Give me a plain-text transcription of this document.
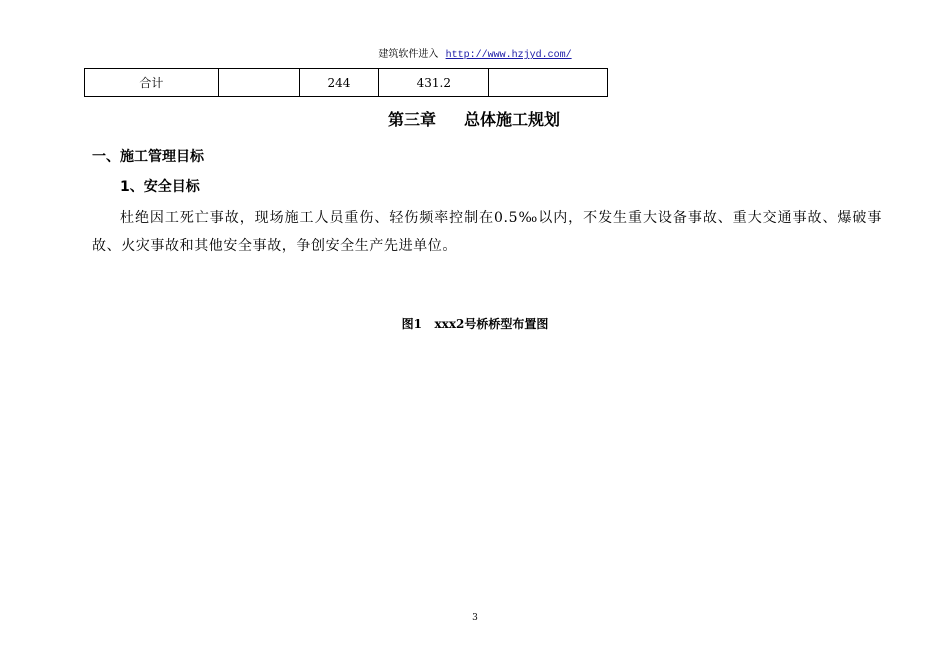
建筑软件进入 http://www.hzjyd.com/
合计		244	431.2	
第三章 总体施工规划
一、施工管理目标
1、安全目标
杜绝因工死亡事故，现场施工人员重伤、轻伤频率控制在0.5‰以内，不发生重大设备事故、重大交通事故、爆破事故、火灾事故和其他安全事故，争创安全生产先进单位。
图1 xxx2号桥桥型布置图
3
